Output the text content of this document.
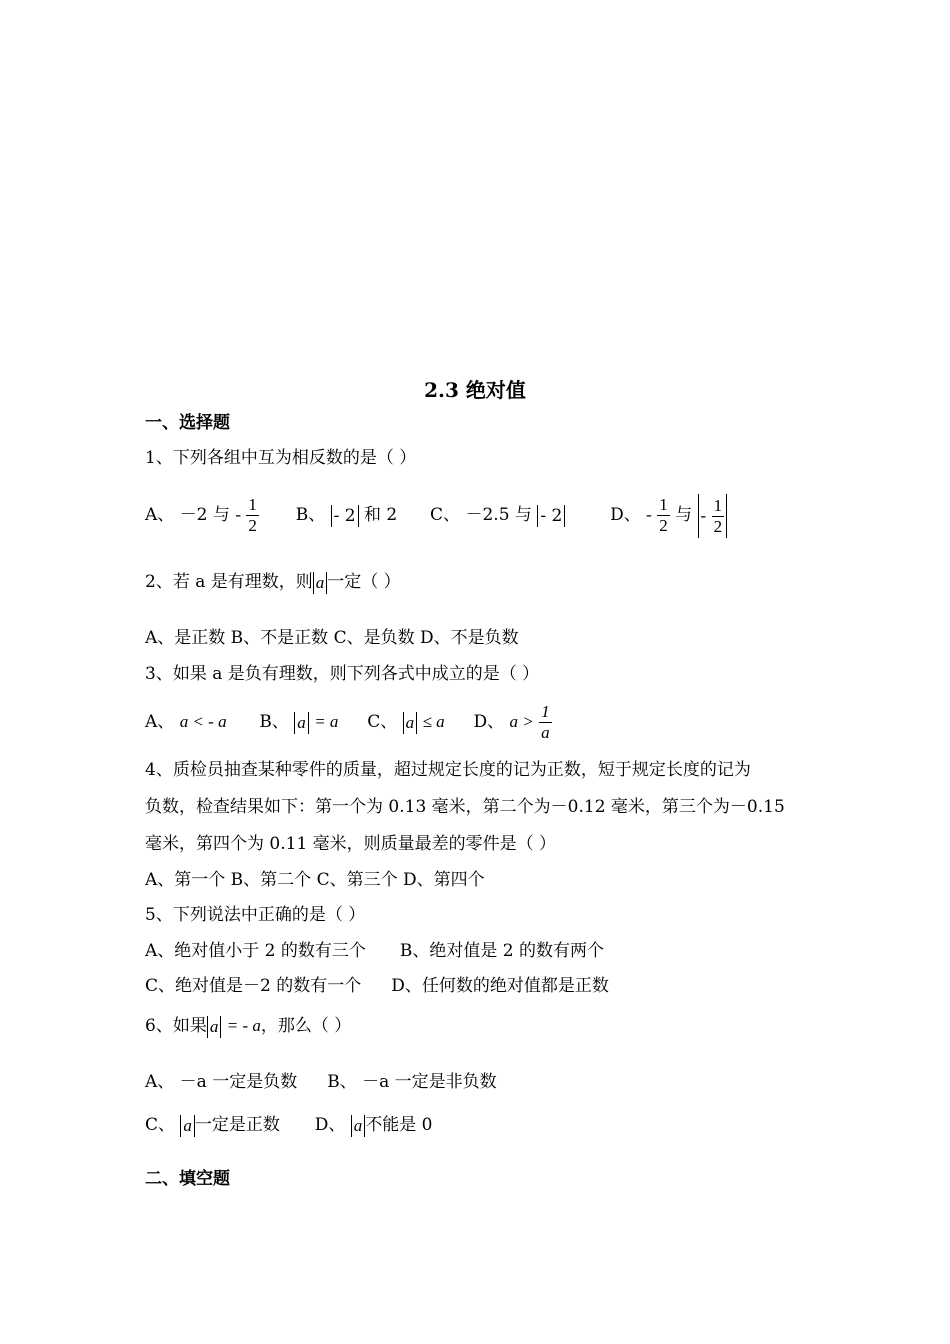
2.3 绝对值
一、选择题
1、下列各组中互为相反数的是（ ）
A、 －2 与 - $\frac{1}{2}$ B、 - 2 和 2 C、 －2.5 与 - 2	D、 - $\frac{1}{2}$ 与 - $\frac{1}{2}$
2、若 a 是有理数，则 a 一定（ ）
A、是正数 B、不是正数 C、是负数 D、不是负数
3、如果 a 是负有理数，则下列各式中成立的是（ ）
A、 a < - a B、 a = a C、 a ≤ a D、 $a > \frac{1}{a}$
4、质检员抽查某种零件的质量，超过规定长度的记为正数，短于规定长度的记为
负数，检查结果如下：第一个为 0.13 毫米，第二个为－0.12 毫米，第三个为－0.15
毫米，第四个为 0.11 毫米，则质量最差的零件是（ ）
A、第一个 B、第二个 C、第三个 D、第四个
5、下列说法中正确的是（ ）
A、绝对值小于 2 的数有三个 B、绝对值是 2 的数有两个
C、绝对值是－2 的数有一个 D、任何数的绝对值都是正数
6、如果 a = - a，那么（ ）
A、 －a 一定是负数 B、 －a 一定是非负数
C、 a 一定是正数 D、 a 不能是 0
二、填空题
